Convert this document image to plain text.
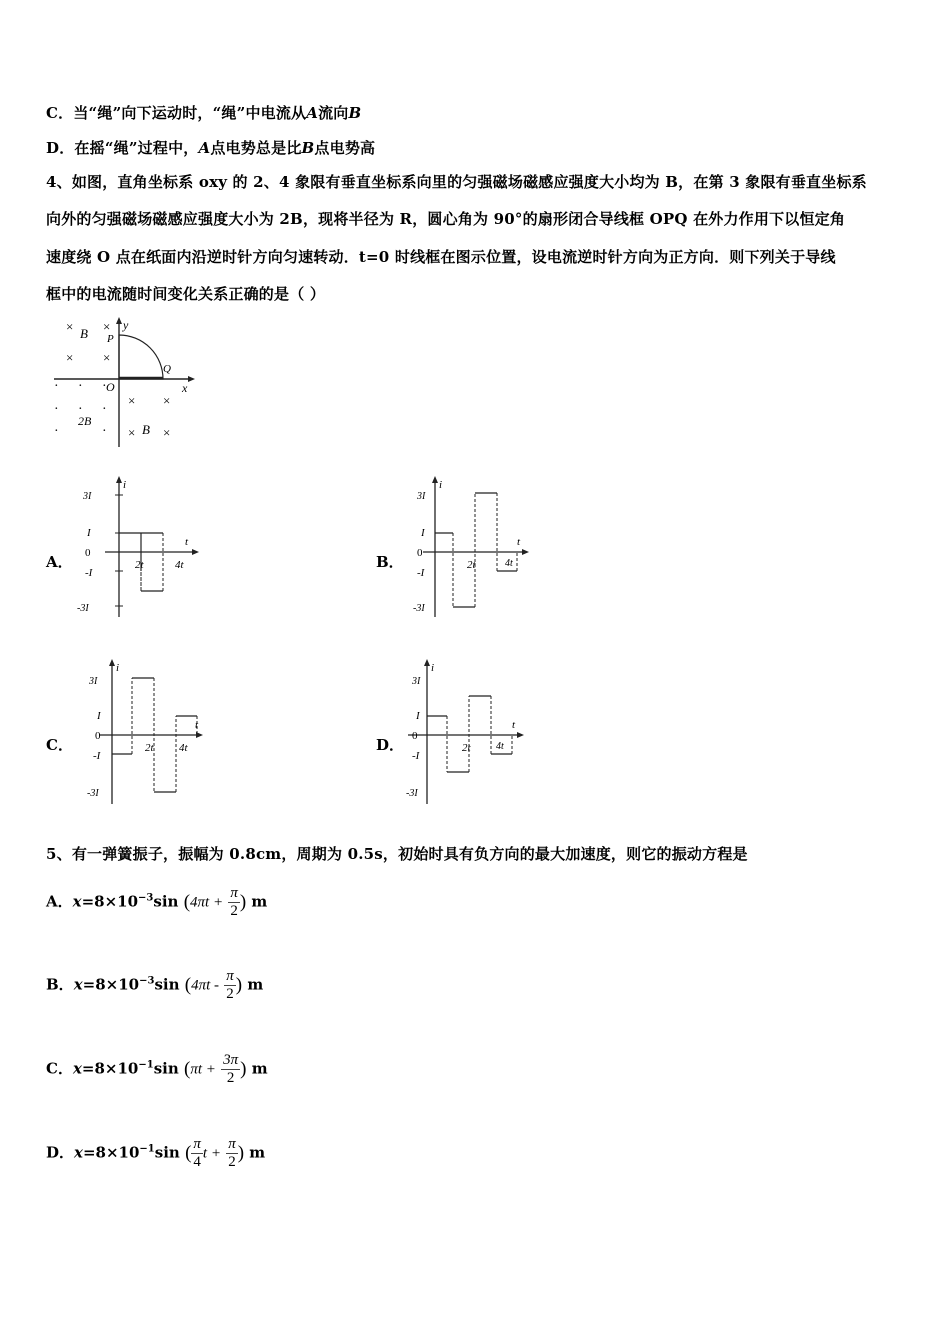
C．当“绳”向下运动时，“绳”中电流从A流向B
D．在摇“绳”过程中，A点电势总是比B点电势高
4、如图，直角坐标系 oxy 的 2、4 象限有垂直坐标系向里的匀强磁场磁感应强度大小均为 B，在第 3 象限有垂直坐标系
向外的匀强磁场磁感应强度大小为 2B，现将半径为 R，圆心角为 90°的扇形闭合导线框 OPQ 在外力作用下以恒定角
速度绕 O 点在纸面内沿逆时针方向匀速转动．t=0 时线框在图示位置，设电流逆时针方向为正方向．则下列关于导线
框中的电流随时间变化关系正确的是（ ）
y
x
P
Q
O
× ×
× ×
B
× ×
× ×
B
· · ·
· · ·
·	·
2B
A．	B．
C．	D．
i
t
3I
I
0
-I
-3I
2t	4t
i
t
3I
I
0
-I
-3I
2t	4t
i
t
3I
I
0
-I
-3I
2t 4t
i
t
3I
I
0
-I
-3I
2t	4t
5、有一弹簧振子，振幅为 0.8cm，周期为 0.5s，初始时具有负方向的最大加速度，则它的振动方程是
A．$x=8\times 10^{-3}\sin$ ($4\pi t + \frac{\pi}{2}$ ) m
B．$x=8\times 10^{-3}\sin$ ($4\pi t - \frac{\pi}{2}$ ) m
C．$x=8\times 10^{-1}\sin$ ($\pi t + \frac{3\pi}{2}$ ) m
D．$x=8\times 10^{-1}\sin$ ( $\frac{\pi}{4}$ $t + \frac{\pi}{2}$ ) m
